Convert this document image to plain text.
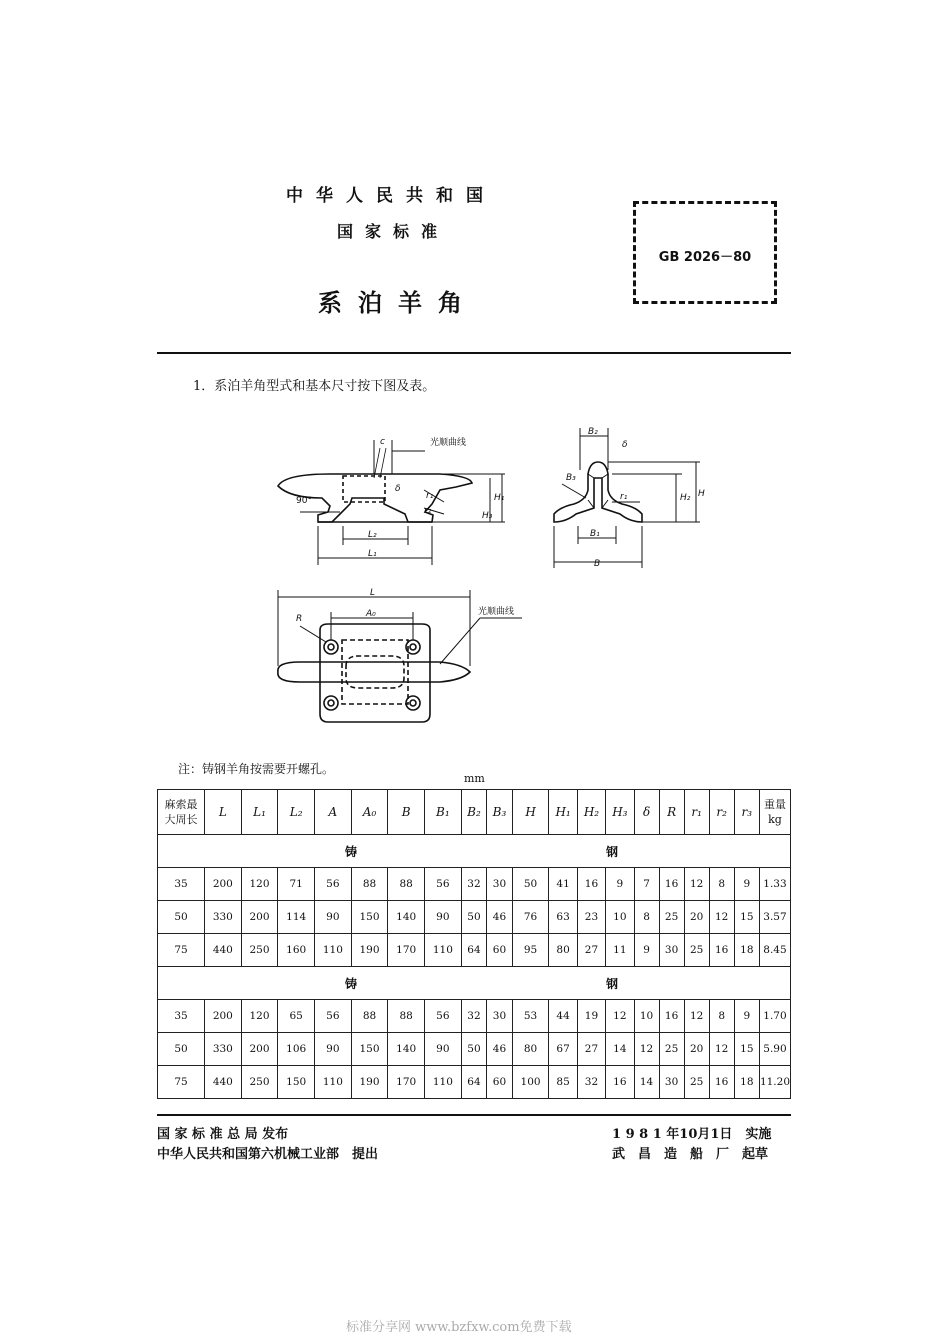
中华人民共和国
国家标准
系泊羊角
GB 2026－80
1．系泊羊角型式和基本尺寸按下图及表。
光顺曲线
c
δ
90°	r₁
r₂	H₃
H₁
L₂
L₁
B₂
δ
B₃
r₁	H₂ H
B₁
B
L
R	A₀	光顺曲线
注：铸钢羊角按需要开螺孔。
mm
麻索最
大周长	L	L₁	L₂	A	A₀	B	B₁	B₂	B₃	H	H₁	H₂	H₃	δ	R	r₁	r₂	r₃	重量
kg

铸 钢																			

35	200	120	71	56	88	88	56	32	30	50	41	16	9	7	16	12	8	9	1.33
50	330	200	114	90	150	140	90	50	46	76	63	23	10	8	25	20	12	15	3.57
75	440	250	160	110	190	170	110	64	60	95	80	27	11	9	30	25	16	18	8.45

铸 钢																			

35	200	120	65	56	88	88	56	32	30	53	44	19	12	10	16	12	8	9	1.70
50	330	200	106	90	150	140	90	50	46	80	67	27	14	12	25	20	12	15	5.90
75	440	250	150	110	190	170	110	64	60	100	85	32	16	14	30	25	16	18	11.20
国 家 标 准 总 局 发布
中华人民共和国第六机械工业部　提出
1 9 8 1 年10月1日　实施
武　昌　造　船　厂　起草
标准分享网 www.bzfxw.com免费下载
